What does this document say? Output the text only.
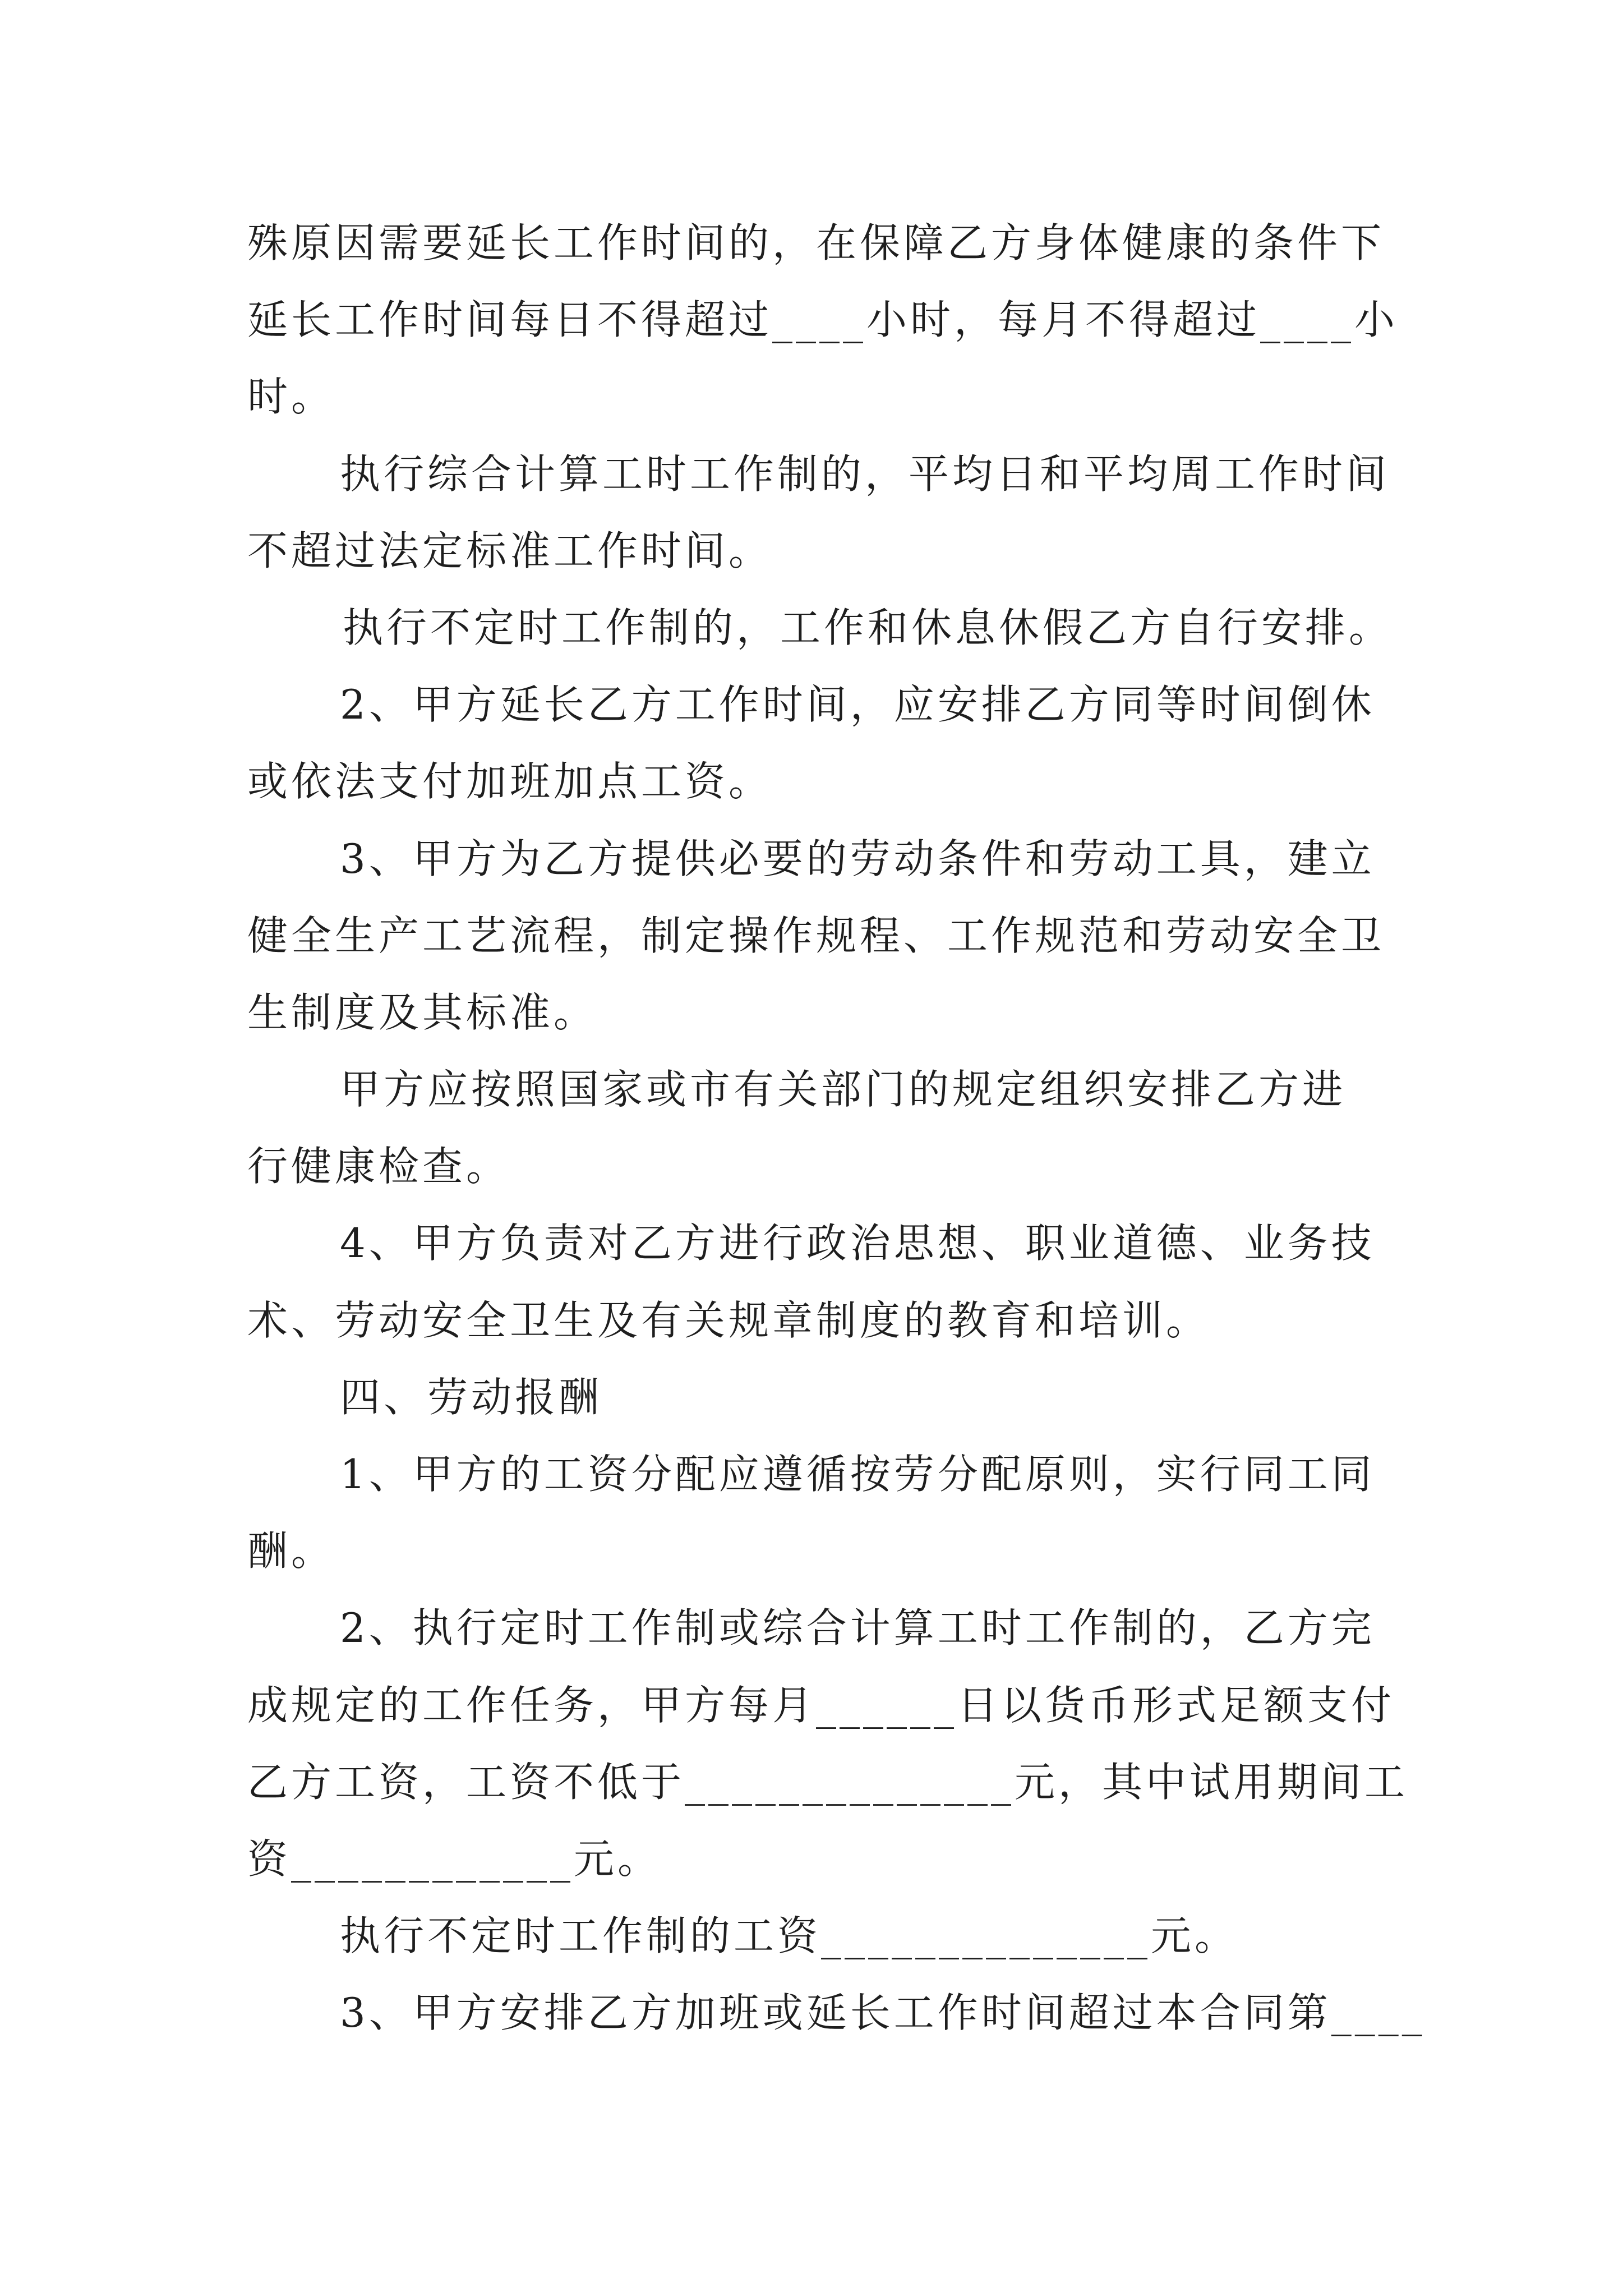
殊原因需要延长工作时间的，在保障乙方身体健康的条件下
延长工作时间每日不得超过____小时，每月不得超过____小
时。
执行综合计算工时工作制的，平均日和平均周工作时间
不超过法定标准工作时间。
执行不定时工作制的，工作和休息休假乙方自行安排。
2、甲方延长乙方工作时间，应安排乙方同等时间倒休
或依法支付加班加点工资。
3、甲方为乙方提供必要的劳动条件和劳动工具，建立
健全生产工艺流程，制定操作规程、工作规范和劳动安全卫
生制度及其标准。
甲方应按照国家或市有关部门的规定组织安排乙方进
行健康检查。
4、甲方负责对乙方进行政治思想、职业道德、业务技
术、劳动安全卫生及有关规章制度的教育和培训。
四、劳动报酬
1、甲方的工资分配应遵循按劳分配原则，实行同工同
酬。
2、执行定时工作制或综合计算工时工作制的，乙方完
成规定的工作任务，甲方每月______日以货币形式足额支付
乙方工资，工资不低于______________元，其中试用期间工
资____________元。
执行不定时工作制的工资______________元。
3、甲方安排乙方加班或延长工作时间超过本合同第____
